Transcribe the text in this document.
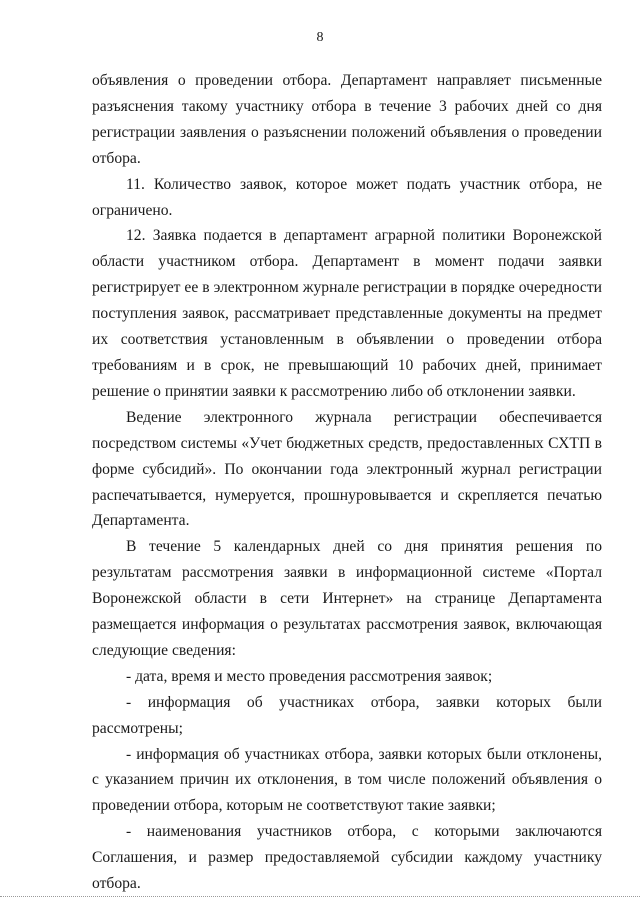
8

объявления о проведении отбора. Департамент направляет письменные разъяснения такому участнику отбора в течение 3 рабочих дней со дня регистрации заявления о разъяснении положений объявления о проведении отбора.

11. Количество заявок, которое может подать участник отбора, не ограничено.

12. Заявка подается в департамент аграрной политики Воронежской области участником отбора. Департамент в момент подачи заявки регистрирует ее в электронном журнале регистрации в порядке очередности поступления заявок, рассматривает представленные документы на предмет их соответствия установленным в объявлении о проведении отбора требованиям и в срок, не превышающий 10 рабочих дней, принимает решение о принятии заявки к рассмотрению либо об отклонении заявки.

Ведение электронного журнала регистрации обеспечивается посредством системы «Учет бюджетных средств, предоставленных СХТП в форме субсидий». По окончании года электронный журнал регистрации распечатывается, нумеруется, прошнуровывается и скрепляется печатью Департамента.

В течение 5 календарных дней со дня принятия решения по результатам рассмотрения заявки в информационной системе «Портал Воронежской области в сети Интернет» на странице Департамента размещается информация о результатах рассмотрения заявок, включающая следующие сведения:

- дата, время и место проведения рассмотрения заявок;

- информация об участниках отбора, заявки которых были рассмотрены;

- информация об участниках отбора, заявки которых были отклонены, с указанием причин их отклонения, в том числе положений объявления о проведении отбора, которым не соответствуют такие заявки;

- наименования участников отбора, с которыми заключаются Соглашения, и размер предоставляемой субсидии каждому участнику отбора.
